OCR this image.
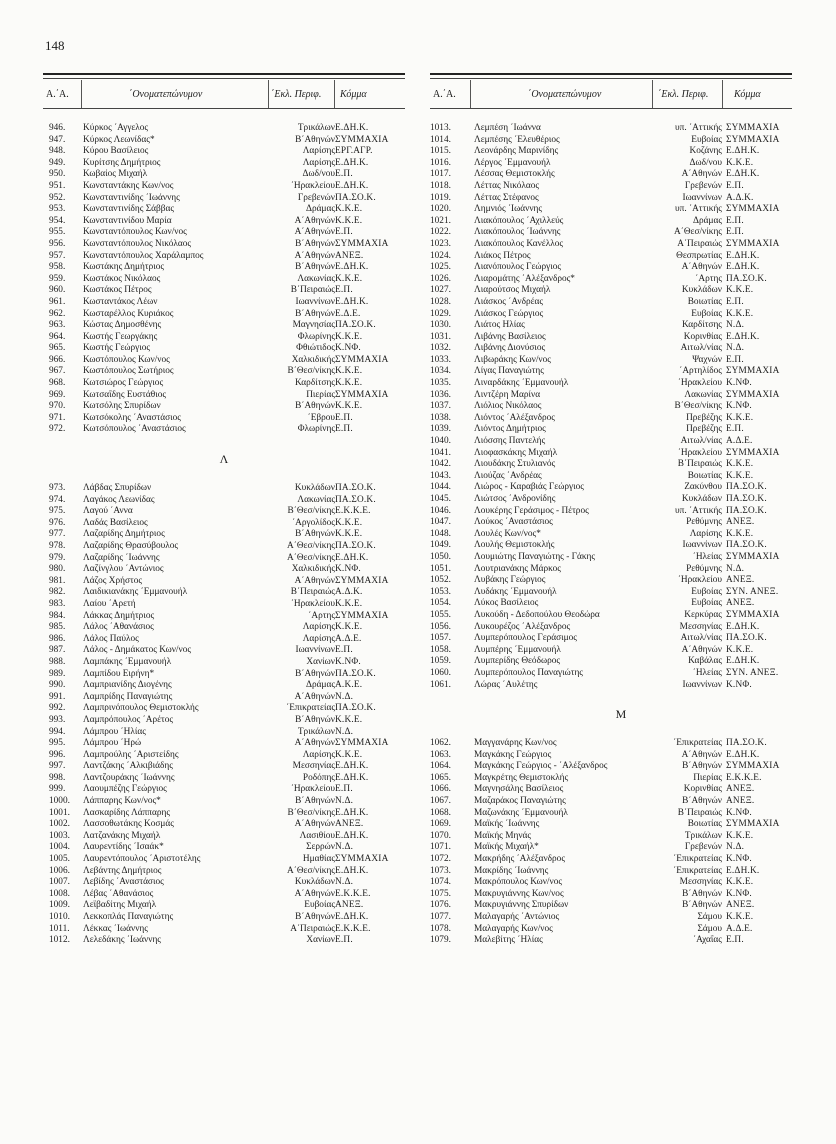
148
Α.΄Α.	΄Ονοματεπώνυμον	΄Εκλ. Περιφ. Κόμμα
946.	Κύρκος ΄Αγγελος	Τρικάλων Ε.ΔΗ.Κ.
947.	Κύρκος Λεωνίδας*	Β΄Αθηνών ΣΥΜΜΑΧΙΑ
948.	Κύρου Βασίλειος	Λαρίσης ΕΡΓ.ΑΓΡ.
949.	Κυρίτσης Δημήτριος	Λαρίσης Ε.ΔΗ.Κ.
950.	Κωβαίος Μιχαήλ	Δωδ/νου Ε.Π.
951.	Κωνσταντάκης Κων/νος	΄Ηρακλείου Ε.ΔΗ.Κ.
952.	Κωνσταντινίδης ΄Ιωάννης	Γρεβενών ΠΑ.ΣΟ.Κ.
953.	Κωνσταντινίδης Σάββας	Δράμας Κ.Κ.Ε.
954.	Κωνσταντινίδου Μαρία	Α΄Αθηνών Κ.Κ.Ε.
955.	Κωνσταντόπουλος Κων/νος	Α΄Αθηνών Ε.Π.
956.	Κωνσταντόπουλος Νικόλαος	Β΄Αθηνών ΣΥΜΜΑΧΙΑ
957.	Κωνσταντόπουλος Χαράλαμπος	Α΄Αθηνών ΑΝΕΞ.
958.	Κωστάκης Δημήτριος	Β΄Αθηνών Ε.ΔΗ.Κ.
959.	Κωστάκος Νικόλαος	Λακωνίας Κ.Κ.Ε.
960.	Κωστάκος Πέτρος	Β΄Πειραιώς Ε.Π.
961.	Κωσταντάκος Λέων	Ιωαννίνων Ε.ΔΗ.Κ.
962.	Κωσταρέλλος Κυριάκος	Β΄Αθηνών Ε.Δ.Ε.
963.	Κώστας Δημοσθένης	Μαγνησίας ΠΑ.ΣΟ.Κ.
964.	Κωστής Γεωργάκης	Φλωρίνης Κ.Κ.Ε.
965.	Κωστής Γεώργιος	Φθιώτιδος Κ.ΝΦ.
966.	Κωστόπουλος Κων/νος	Χαλκιδικής ΣΥΜΜΑΧΙΑ
967.	Κωστόπουλος Σωτήριος	Β΄Θεσ/νίκης Κ.Κ.Ε.
968.	Κωτσιώρος Γεώργιος	Καρδίτσης Κ.Κ.Ε.
969.	Κωτσαΐδης Ευστάθιος	Πιερίας ΣΥΜΜΑΧΙΑ
970.	Κωτσόλης Σπυρίδων	Β΄Αθηνών Κ.Κ.Ε.
971.	Κωτσόκολης ΄Αναστάσιος	΄Εβρου Ε.Π.
972.	Κωτσόπουλος ΄Αναστάσιος	Φλωρίνης Ε.Π.
Λ
973.	Λάβδας Σπυρίδων	Κυκλάδων ΠΑ.ΣΟ.Κ.
974.	Λαγάκος Λεωνίδας	Λακωνίας ΠΑ.ΣΟ.Κ.
975.	Λαγού ΄Αννα	Β΄Θεσ/νίκης Ε.Κ.Κ.Ε.
976.	Λαδάς Βασίλειος	΄Αργολίδος Κ.Κ.Ε.
977.	Λαζαρίδης Δημήτριος	Β΄Αθηνών Κ.Κ.Ε.
978.	Λαζαρίδης Θρασύβουλος	Α΄Θεσ/νίκης ΠΑ.ΣΟ.Κ.
979.	Λαζαρίδης ΄Ιωάννης	Α΄Θεσ/νίκης Ε.ΔΗ.Κ.
980.	Λαζίνγλου ΄Αντώνιος	Χαλκιδικής Κ.ΝΦ.
981.	Λάζος Χρήστος	Α΄Αθηνών ΣΥΜΜΑΧΙΑ
982.	Λαιδικιανάκης ΄Εμμανουήλ	Β΄Πειραιώς Α.Δ.Κ.
983.	Λαίου ΄Αρετή	΄Ηρακλείου Κ.Κ.Ε.
984.	Λάκκας Δημήτριος	΄Αρτης ΣΥΜΜΑΧΙΑ
985.	Λάλος ΄Αθανάσιος	Λαρίσης Κ.Κ.Ε.
986.	Λάλος Παύλος	Λαρίσης Α.Δ.Ε.
987.	Λάλος - Δημάκατος Κων/νος	Ιωαννίνων Ε.Π.
988.	Λαμπάκης ΄Εμμανουήλ	Χανίων Κ.ΝΦ.
989.	Λαμπίδου Ειρήνη*	Β΄Αθηνών ΠΑ.ΣΟ.Κ.
990.	Λαμπριανίδης Διογένης	Δράμας Α.Κ.Ε.
991.	Λαμπρίδης Παναγιώτης	Α΄Αθηνών Ν.Δ.
992.	Λαμπρινόπουλος Θεμιστοκλής	΄Επικρατείας ΠΑ.ΣΟ.Κ.
993.	Λαμπρόπουλος ΄Αρέτος	Β΄Αθηνών Κ.Κ.Ε.
994.	Λάμπρου ΄Ηλίας	Τρικάλων Ν.Δ.
995.	Λάμπρου ΄Ηρώ	Α΄Αθηνών ΣΥΜΜΑΧΙΑ
996.	Λαμπρούλης ΄Αριστείδης	Λαρίσης Κ.Κ.Ε.
997.	Λαντζάκης ΄Αλκιβιάδης	Μεσσηνίας Ε.ΔΗ.Κ.
998.	Λαντζουράκης ΄Ιωάννης	Ροδόπης Ε.ΔΗ.Κ.
999.	Λαουμπέζης Γεώργιος	΄Ηρακλείου Ε.Π.
1000.	Λάππαρης Κων/νος*	Β΄Αθηνών Ν.Δ.
1001.	Λασκαρίδης Λάππαρης	Β΄Θεσ/νίκης Ε.ΔΗ.Κ.
1002.	Λασσοθωτάκης Κοσμάς	Α΄Αθηνών ΑΝΕΞ.
1003.	Λατζανάκης Μιχαήλ	Λασιθίου Ε.ΔΗ.Κ.
1004.	Λαυρεντίδης ΄Ισαάκ*	Σερρών Ν.Δ.
1005.	Λαυρεντόπουλος ΄Αριστοτέλης	Ημαθίας ΣΥΜΜΑΧΙΑ
1006.	Λεβάντης Δημήτριος	Α΄Θεσ/νίκης Ε.ΔΗ.Κ.
1007.	Λεβίδης ΄Αναστάσιος	Κυκλάδων Ν.Δ.
1008.	Λέβας ΄Αθανάσιος	Α΄Αθηνών Ε.Κ.Κ.Ε.
1009.	Λεϊβαδίτης Μιχαήλ	Ευβοίας ΑΝΕΞ.
1010.	Λεκκοπλάς Παναγιώτης	Β΄Αθηνών Ε.ΔΗ.Κ.
1011.	Λέκκας ΄Ιωάννης	Α΄Πειραιώς Ε.Κ.Κ.Ε.
1012.	Λελεδάκης ΄Ιωάννης	Χανίων Ε.Π.
Α.΄Α.	΄Ονοματεπώνυμον	΄Εκλ. Περιφ.	Κόμμα
1013.	Λεμπέση ΄Ιωάννα	υπ. ΄Αττικής ΣΥΜΜΑΧΙΑ
1014.	Λεμπέσης ΄Ελευθέριος	Ευβοίας ΣΥΜΜΑΧΙΑ
1015.	Λεονάρδης Μαρινίδης	Κοζάνης Ε.ΔΗ.Κ.
1016.	Λέργος ΄Εμμανουήλ	Δωδ/νου Κ.Κ.Ε.
1017.	Λέσσας Θεμιστοκλής	Α΄Αθηνών Ε.ΔΗ.Κ.
1018.	Λέττας Νικόλαος	Γρεβενών Ε.Π.
1019.	Λέττας Στέφανος	Ιωαννίνων Α.Δ.Κ.
1020.	Λημνιός ΄Ιωάννης	υπ. ΄Αττικής ΣΥΜΜΑΧΙΑ
1021.	Λιακόπουλος ΄Αχιλλεύς	Δράμας Ε.Π.
1022.	Λιακόπουλος ΄Ιωάννης	Α΄Θεσ/νίκης Ε.Π.
1023.	Λιακόπουλος Κανέλλος	Α΄Πειραιώς ΣΥΜΜΑΧΙΑ
1024.	Λιάκος Πέτρος	Θεσπρωτίας Ε.ΔΗ.Κ.
1025.	Λιανόπουλος Γεώργιος	Α΄Αθηνών Ε.ΔΗ.Κ.
1026.	Λιαρομάτης ΄Αλέξανδρος*	΄Αρτης ΠΑ.ΣΟ.Κ.
1027.	Λιαρούτσος Μιχαήλ	Κυκλάδων Κ.Κ.Ε.
1028.	Λιάσκος ΄Ανδρέας	Βοιωτίας Ε.Π.
1029.	Λιάσκος Γεώργιος	Ευβοίας Κ.Κ.Ε.
1030.	Λιάτος Ηλίας	Καρδίτσης Ν.Δ.
1031.	Λιβάνης Βασίλειος	Κορινθίας Ε.ΔΗ.Κ.
1032.	Λιβάνης Διονύσιος	Αιτωλ/νίας Ν.Δ.
1033.	Λιβωράκης Κων/νος	Ψαχνών Ε.Π.
1034.	Λίγας Παναγιώτης	΄Αρτηλίδος ΣΥΜΜΑΧΙΑ
1035.	Λιναρδάκης ΄Εμμανουήλ	΄Ηρακλείου Κ.ΝΦ.
1036.	Λιντζέρη Μαρίνα	Λακωνίας ΣΥΜΜΑΧΙΑ
1037.	Λιόλιος Νικόλαος	Β΄Θεσ/νίκης Κ.ΝΦ.
1038.	Λιόντος ΄Αλέξανδρος	Πρεβέζης Κ.Κ.Ε.
1039.	Λιόντος Δημήτριος	Πρεβέζης Ε.Π.
1040.	Λιόσσης Παντελής	Αιτωλ/νίας Α.Δ.Ε.
1041.	Λιοφασκάκης Μιχαήλ	΄Ηρακλείου ΣΥΜΜΑΧΙΑ
1042.	Λιουδάκης Στυλιανός	Β΄Πειραιώς Κ.Κ.Ε.
1043.	Λιούζας ΄Ανδρέας	Βοιωτίας Κ.Κ.Ε.
1044.	Λιώρος - Καραβιάς Γεώργιος	Ζακύνθου ΠΑ.ΣΟ.Κ.
1045.	Λιώτσος ΄Ανδρονίδης	Κυκλάδων ΠΑ.ΣΟ.Κ.
1046.	Λουκέρης Γεράσιμος - Πέτρος	υπ. ΄Αττικής ΠΑ.ΣΟ.Κ.
1047.	Λούκος ΄Αναστάσιος	Ρεθύμνης ΑΝΕΞ.
1048.	Λουλές Κων/νος*	Λαρίσης Κ.Κ.Ε.
1049.	Λουλής Θεμιστοκλής	Ιωαννίνων ΠΑ.ΣΟ.Κ.
1050.	Λουμιώτης Παναγιώτης - Γάκης	΄Ηλείας ΣΥΜΜΑΧΙΑ
1051.	Λουτριανάκης Μάρκος	Ρεθύμνης Ν.Δ.
1052.	Λυβάκης Γεώργιος	΄Ηρακλείου ΑΝΕΞ.
1053.	Λυδάκης ΄Εμμανουήλ	Ευβοίας ΣΥΝ. ΑΝΕΞ.
1054.	Λύκος Βασίλειος	Ευβοίας ΑΝΕΞ.
1055.	Λυκούδη - Δεδοπούλου Θεοδώρα	Κερκύρας ΣΥΜΜΑΧΙΑ
1056.	Λυκουρέζος ΄Αλέξανδρος	Μεσσηνίας Ε.ΔΗ.Κ.
1057.	Λυμπερόπουλος Γεράσιμος	Αιτωλ/νίας ΠΑ.ΣΟ.Κ.
1058.	Λυμπέρης ΄Εμμανουήλ	Α΄Αθηνών Κ.Κ.Ε.
1059.	Λυμπερίδης Θεόδωρος	Καβάλας Ε.ΔΗ.Κ.
1060.	Λυμπερόπουλος Παναγιώτης	΄Ηλείας ΣΥΝ. ΑΝΕΞ.
1061.	Λώρας ΄Αυλέτης	Ιωαννίνων Κ.ΝΦ.
Μ
1062.	Μαγγανάρης Κων/νος	΄Επικρατείας ΠΑ.ΣΟ.Κ.
1063.	Μαγκάκης Γεώργιος	Α΄Αθηνών Ε.ΔΗ.Κ.
1064.	Μαγκάκης Γεώργιος - ΄Αλέξανδρος	Β΄Αθηνών ΣΥΜΜΑΧΙΑ
1065.	Μαγκρέτης Θεμιστοκλής	Πιερίας Ε.Κ.Κ.Ε.
1066.	Μαγνησάλης Βασίλειος	Κορινθίας ΑΝΕΞ.
1067.	Μαζαράκος Παναγιώτης	Β΄Αθηνών ΑΝΕΞ.
1068.	Μαζωνάκης ΄Εμμανουήλ	Β΄Πειραιώς Κ.ΝΦ.
1069.	Μαϊκής ΄Ιωάννης	Βοιωτίας ΣΥΜΜΑΧΙΑ
1070.	Μαϊκής Μηνάς	Τρικάλων Κ.Κ.Ε.
1071.	Μαϊκής Μιχαήλ*	Γρεβενών Ν.Δ.
1072.	Μακρήδης ΄Αλέξανδρος	΄Επικρατείας Κ.ΝΦ.
1073.	Μακρίδης ΄Ιωάννης	΄Επικρατείας Ε.ΔΗ.Κ.
1074.	Μακρόπουλος Κων/νος	Μεσσηνίας Κ.Κ.Ε.
1075.	Μακρυγιάννης Κων/νος	Β΄Αθηνών Κ.ΝΦ.
1076.	Μακρυγιάννης Σπυρίδων	Β΄Αθηνών ΑΝΕΞ.
1077.	Μαλαγαρής ΄Αντώνιος	Σάμου Κ.Κ.Ε.
1078.	Μαλαγαρής Κων/νος	Σάμου Α.Δ.Ε.
1079.	Μαλεβίτης ΄Ηλίας	΄Αχαΐας Ε.Π.
